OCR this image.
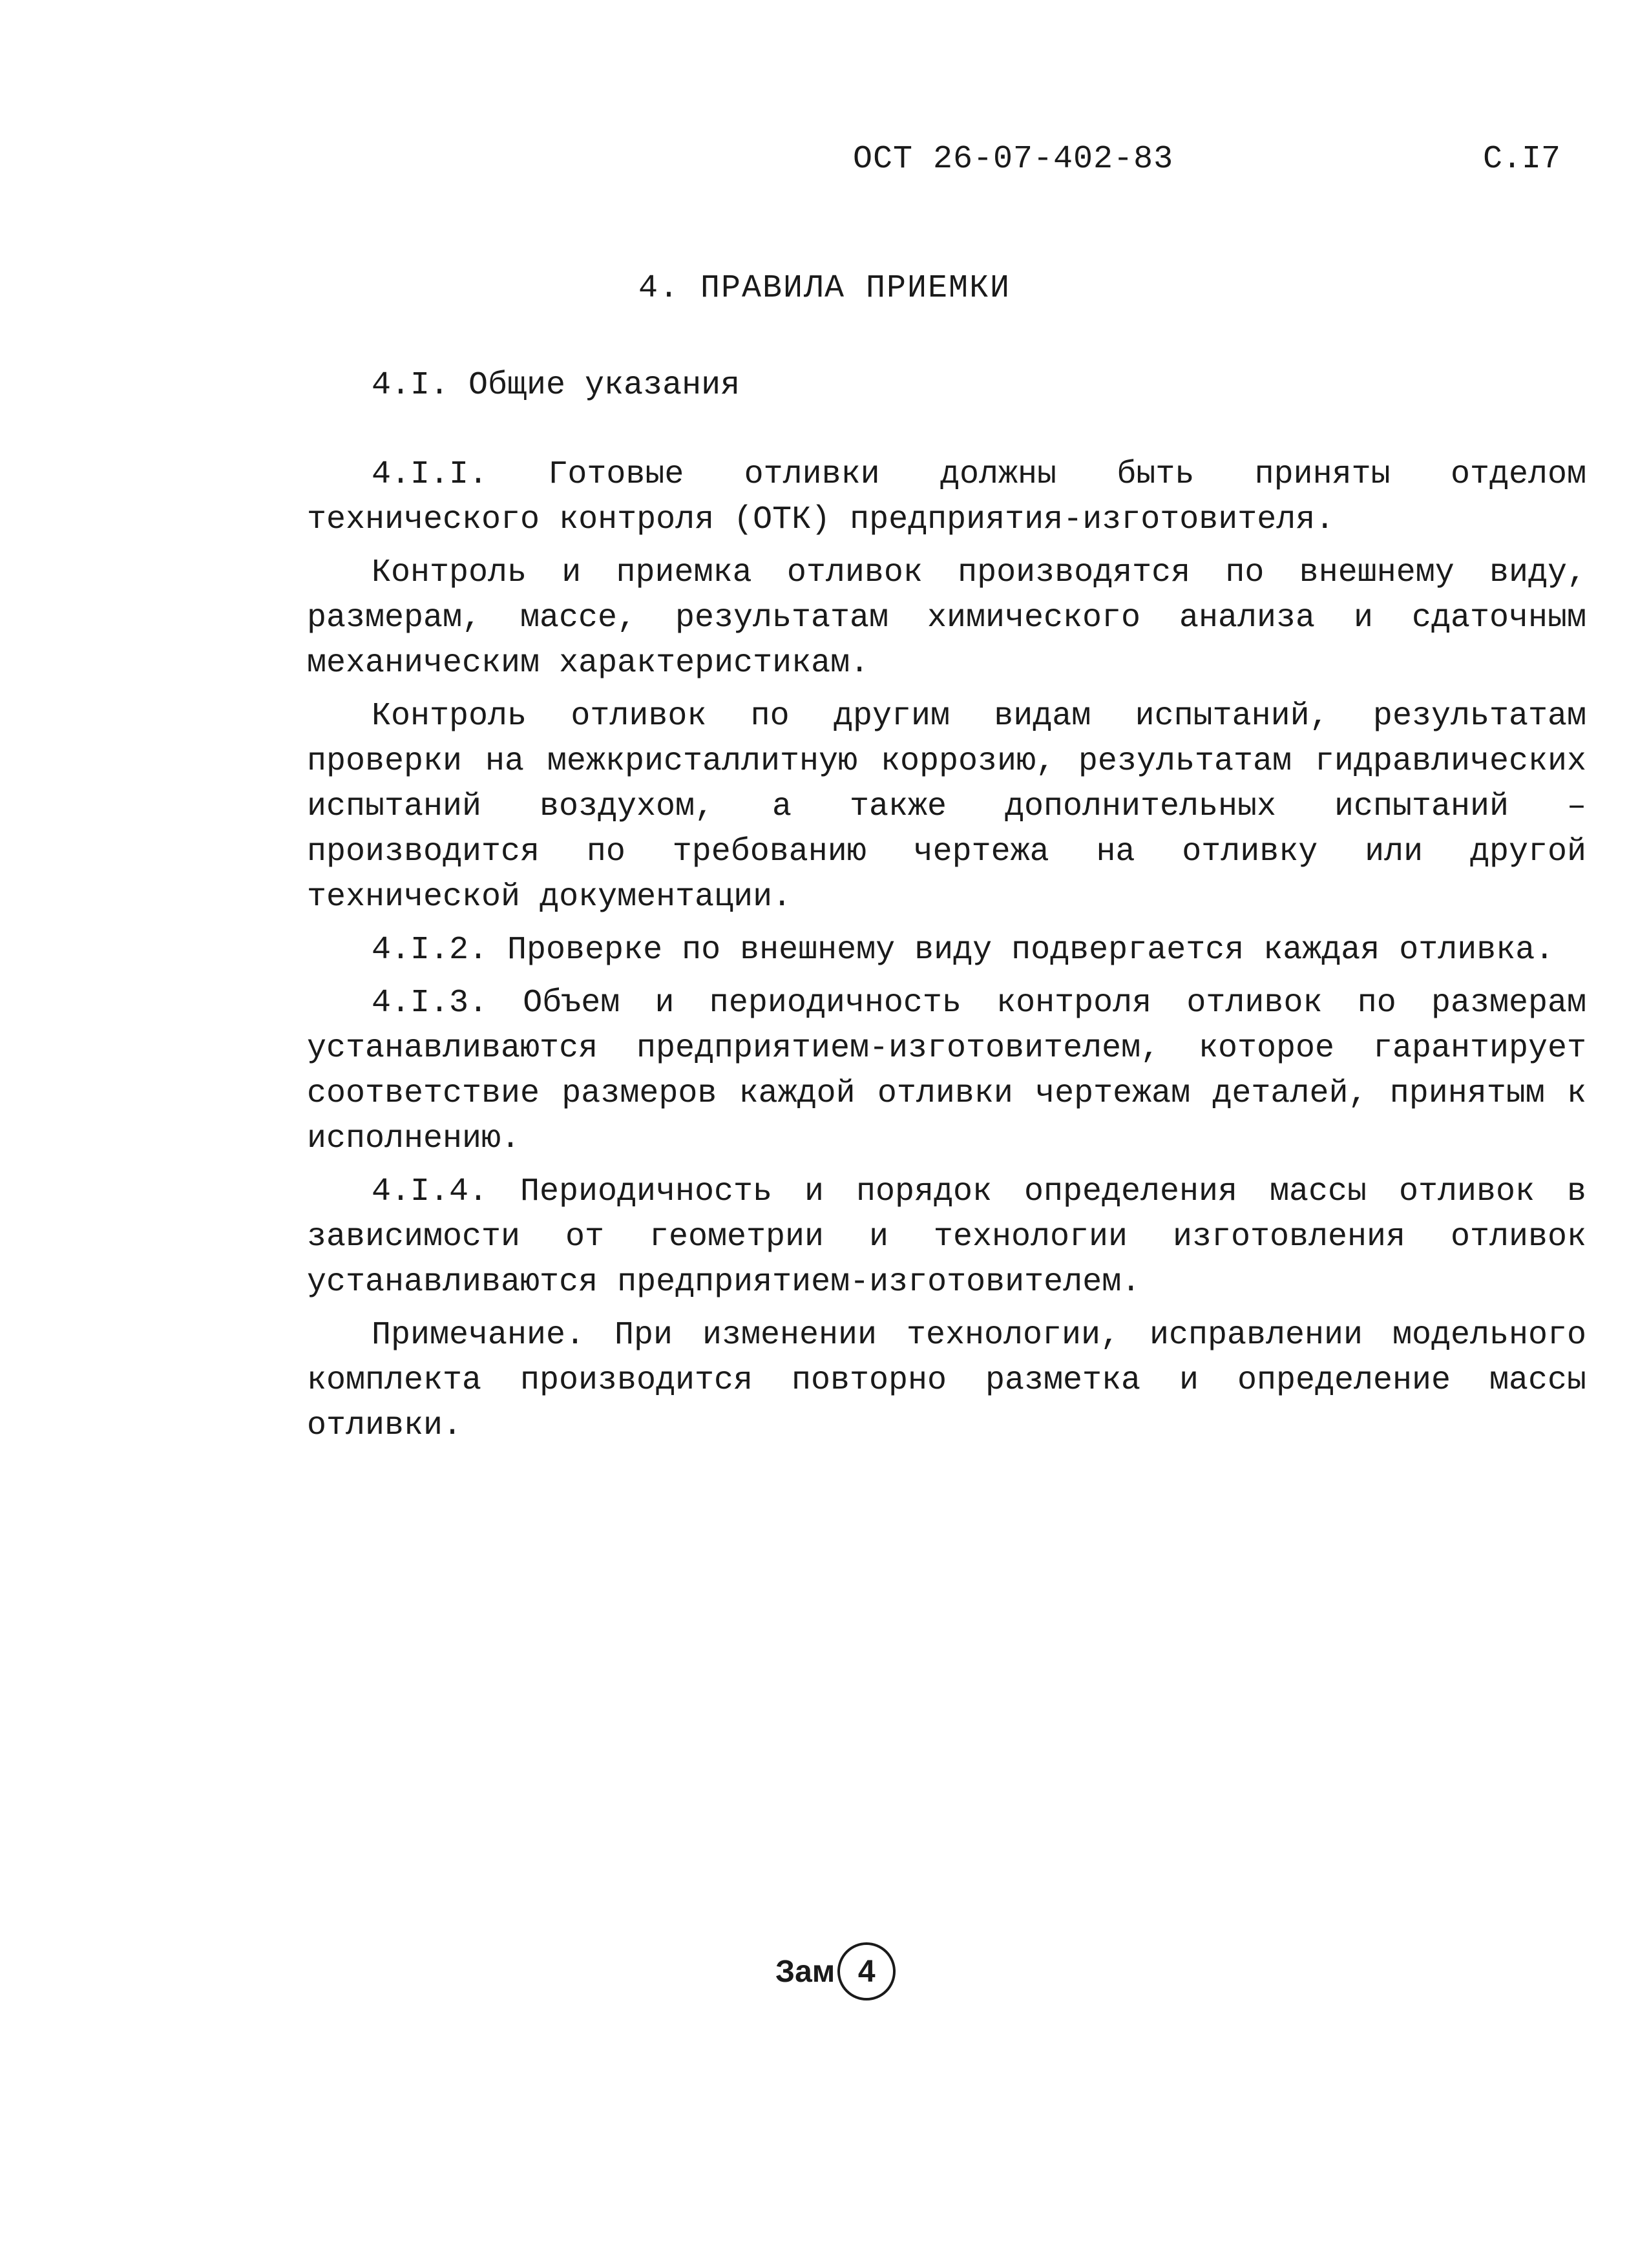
ОСТ 26-07-402-83	С.I7
4. ПРАВИЛА ПРИЕМКИ
4.I. Общие указания

4.I.I. Готовые отливки должны быть приняты отделом технического контроля (ОТК) предприятия-изготовителя.

Контроль и приемка отливок производятся по внешнему виду, размерам, массе, результатам химического анализа и сдаточным механическим характеристикам.

Контроль отливок по другим видам испытаний, результатам проверки на межкристаллитную коррозию, результатам гидравлических испытаний воздухом, а также дополнительных испытаний – производится по требованию чертежа на отливку или другой технической документации.

4.I.2. Проверке по внешнему виду подвергается каждая отливка.

4.I.3. Объем и периодичность контроля отливок по размерам устанавливаются предприятием-изготовителем, которое гарантирует соответствие размеров каждой отливки чертежам деталей, принятым к исполнению.

4.I.4. Периодичность и порядок определения массы отливок в зависимости от геометрии и технологии изготовления отливок устанавливаются предприятием-изготовителем.

Примечание. При изменении технологии, исправлении модельного комплекта производится повторно разметка и определение массы отливки.

Зам 4
